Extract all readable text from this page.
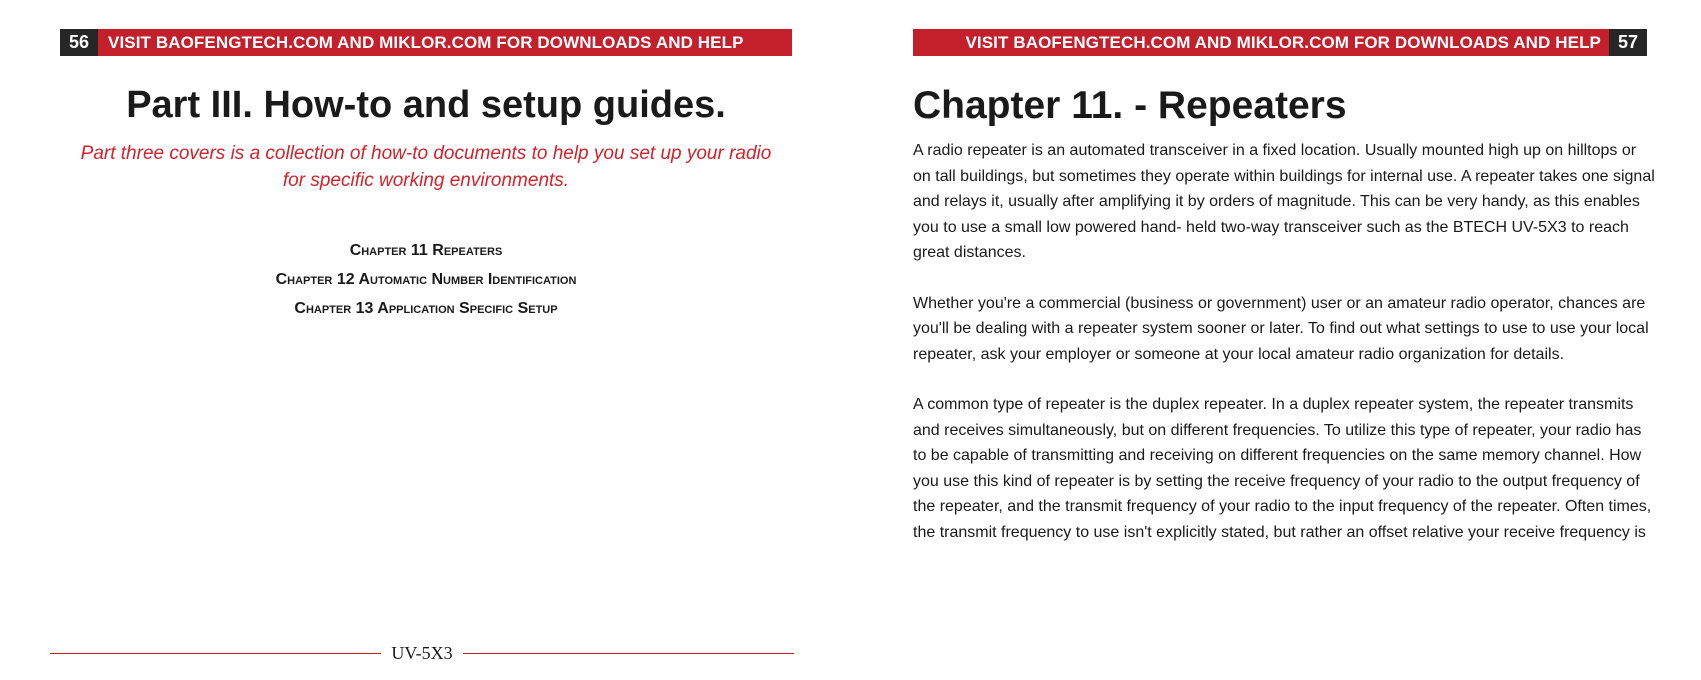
56	VISIT BAOFENGTECH.COM AND MIKLOR.COM FOR DOWNLOADS AND HELP
Part III. How-to and setup guides.

Part three covers is a collection of how-to documents to help you set up your radio for specific working environments.

Chapter 11 Repeaters
Chapter 12 Automatic Number Identification
Chapter 13 Application Specific Setup
UV-5X3
VISIT BAOFENGTECH.COM AND MIKLOR.COM FOR DOWNLOADS AND HELP 57
Chapter 11. - Repeaters

A radio repeater is an automated transceiver in a fixed location. Usually mounted high up on hilltops or on tall buildings, but sometimes they operate within buildings for internal use. A repeater takes one signal and relays it, usually after amplifying it by orders of magnitude. This can be very handy, as this enables you to use a small low powered hand- held two-way transceiver such as the BTECH UV-5X3 to reach great distances.

Whether you're a commercial (business or government) user or an amateur radio operator, chances are you'll be dealing with a repeater system sooner or later. To find out what settings to use to use your local repeater, ask your employer or someone at your local amateur radio organization for details.

A common type of repeater is the duplex repeater. In a duplex repeater system, the repeater transmits and receives simultaneously, but on different frequencies. To utilize this type of repeater, your radio has to be capable of transmitting and receiving on different frequencies on the same memory channel. How you use this kind of repeater is by setting the receive frequency of your radio to the output frequency of the repeater, and the transmit frequency of your radio to the input frequency of the repeater. Often times, the transmit frequency to use isn't explicitly stated, but rather an offset relative your receive frequency is
